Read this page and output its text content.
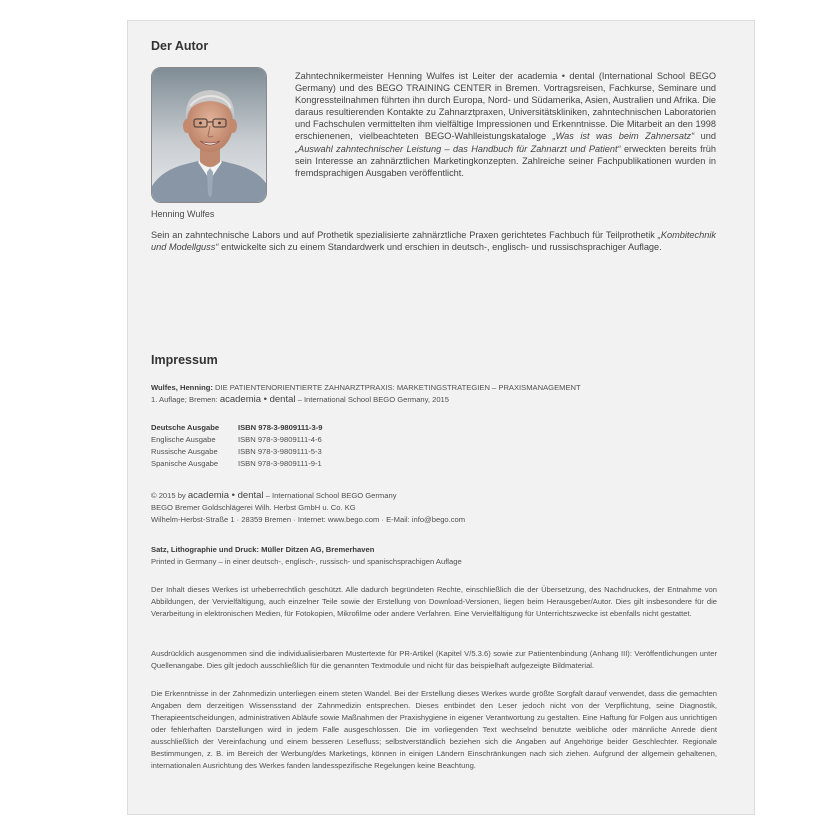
Der Autor
Henning Wulfes
Zahntechnikermeister Henning Wulfes ist Leiter der academia • dental (International School BEGO Germany) und des BEGO TRAINING CENTER in Bremen. Vortragsreisen, Fachkurse, Seminare und Kongressteilnahmen führten ihn durch Europa, Nord- und Südamerika, Asien, Australien und Afrika. Die daraus resultierenden Kontakte zu Zahnarztpraxen, Universitätskliniken, zahntechnischen Laboratorien und Fachschulen vermittelten ihm vielfältige Impressionen und Erkenntnisse. Die Mitarbeit an den 1998 erschienenen, vielbeachteten BEGO-Wahlleistungskataloge „Was ist was beim Zahnersatz“ und „Auswahl zahntechnischer Leistung – das Handbuch für Zahnarzt und Patient“ erweckten bereits früh sein Interesse an zahnärztlichen Marketingkonzepten. Zahlreiche seiner Fachpublikationen wurden in fremdsprachigen Ausgaben veröffentlicht.
Sein an zahntechnische Labors und auf Prothetik spezialisierte zahnärztliche Praxen gerichtetes Fachbuch für Teilprothetik „Kombitechnik und Modellguss“ entwickelte sich zu einem Standardwerk und erschien in deutsch-, englisch- und russischsprachiger Auflage.
Impressum
Wulfes, Henning: DIE PATIENTENORIENTIERTE ZAHNARZTPRAXIS: MARKETINGSTRATEGIEN – PRAXISMANAGEMENT
1. Auflage; Bremen: academia • dental – International School BEGO Germany, 2015
Deutsche Ausgabe	ISBN 978-3-9809111-3-9
Englische Ausgabe	ISBN 978-3-9809111-4-6
Russische Ausgabe	ISBN 978-3-9809111-5-3
Spanische Ausgabe	ISBN 978-3-9809111-9-1
© 2015 by academia • dental – International School BEGO Germany
BEGO Bremer Goldschlägerei Wilh. Herbst GmbH u. Co. KG
Wilhelm-Herbst-Straße 1 · 28359 Bremen · Internet: www.bego.com · E-Mail: info@bego.com
Satz, Lithographie und Druck: Müller Ditzen AG, Bremerhaven
Printed in Germany – in einer deutsch-, englisch-, russisch- und spanischsprachigen Auflage
Der Inhalt dieses Werkes ist urheberrechtlich geschützt. Alle dadurch begründeten Rechte, einschließlich die der Übersetzung, des Nachdruckes, der Entnahme von Abbildungen, der Vervielfältigung, auch einzelner Teile sowie der Erstellung von Download-Versionen, liegen beim Herausgeber/Autor. Dies gilt insbesondere für die Verarbeitung in elektronischen Medien, für Fotokopien, Mikrofilme oder andere Verfahren. Eine Vervielfältigung für Unterrichtszwecke ist ebenfalls nicht gestattet.
Ausdrücklich ausgenommen sind die individualisierbaren Mustertexte für PR-Artikel (Kapitel V/5.3.6) sowie zur Patientenbindung (Anhang III): Veröffentlichungen unter Quellenangabe. Dies gilt jedoch ausschließlich für die genannten Textmodule und nicht für das beispielhaft aufgezeigte Bildmaterial.
Die Erkenntnisse in der Zahnmedizin unterliegen einem steten Wandel. Bei der Erstellung dieses Werkes wurde größte Sorgfalt darauf verwendet, dass die gemachten Angaben dem derzeitigen Wissensstand der Zahnmedizin entsprechen. Dieses entbindet den Leser jedoch nicht von der Verpflichtung, seine Diagnostik, Therapieentscheidungen, administrativen Abläufe sowie Maßnahmen der Praxishygiene in eigener Verantwortung zu gestalten. Eine Haftung für Folgen aus unrichtigen oder fehlerhaften Darstellungen wird in jedem Falle ausgeschlossen. Die im vorliegenden Text wechselnd benutzte weibliche oder männliche Anrede dient ausschließlich der Vereinfachung und einem besseren Lesefluss; selbstverständlich beziehen sich die Angaben auf Angehörige beider Geschlechter. Regionale Bestimmungen, z. B. im Bereich der Werbung/des Marketings, können in einigen Ländern Einschränkungen nach sich ziehen. Aufgrund der allgemein gehaltenen, internationalen Ausrichtung des Werkes fanden landesspezifische Regelungen keine Beachtung.
